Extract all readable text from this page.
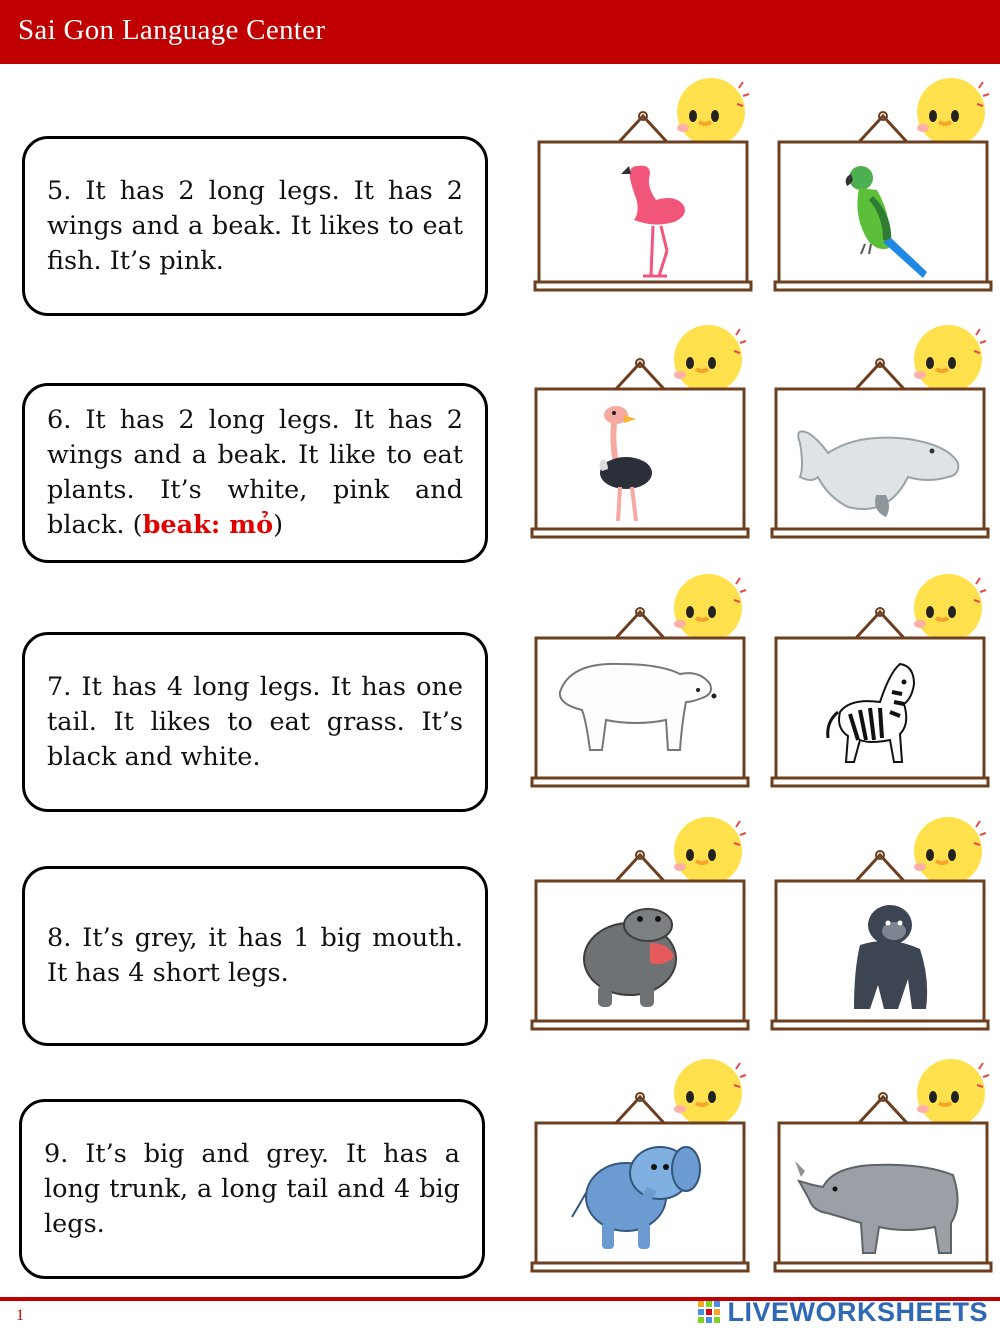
Sai Gon Language Center

5. It has 2 long legs. It has 2 wings and a beak. It likes to eat fish. It’s pink.

6. It has 2 long legs. It has 2 wings and a beak. It like to eat plants. It’s white, pink and black. (beak: mỏ)

7. It has 4 long legs. It has one tail. It likes to eat grass. It’s black and white.

8. It’s grey, it has 1 big mouth. It has 4 short legs.

9. It’s big and grey. It has a long trunk, a long tail and 4 big legs.

1	LIVEWORKSHEETS
